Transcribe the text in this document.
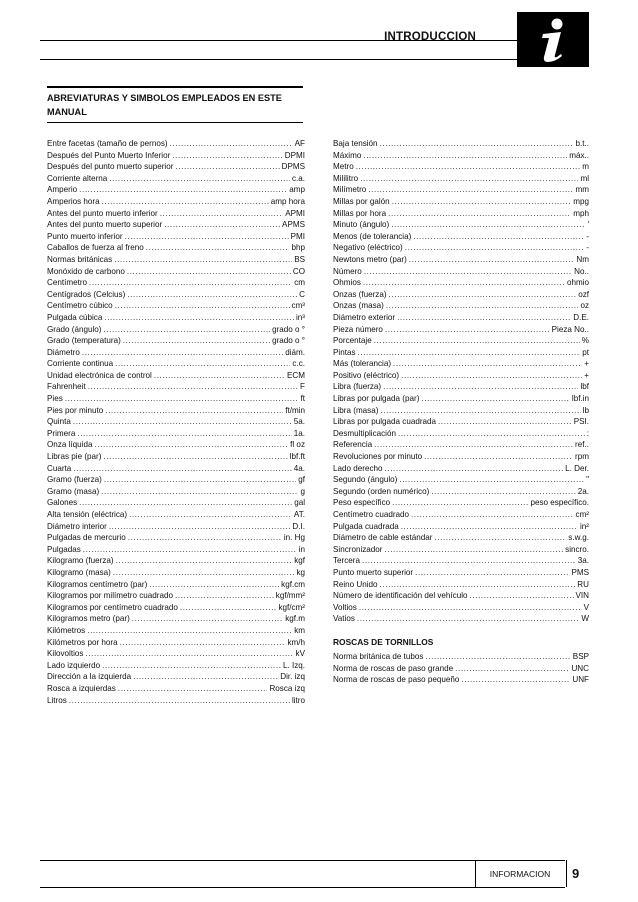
INTRODUCCION
ABREVIATURAS Y SIMBOLOS EMPLEADOS EN ESTE MANUAL
Entre facetas (tamaño de pernos) .....	AF
Después del Punto Muerto Inferior .....	DPMI
Después del punto muerto superior .....	DPMS
Corriente alterna .....	c.a.
Amperio .....	amp
Amperios hora .....	amp hora
Antes del punto muerto inferior .....	APMI
Antes del punto muerto superior .....	APMS
Punto muerto inferior .....	PMI
Caballos de fuerza al freno .....	bhp
Normas británicas .....	BS
Monóxido de carbono .....	CO
Centímetro .....	cm
Centígrados (Celcius) .....	C
Centímetro cúbico .....	cm³
Pulgada cúbica .....	in³
Grado (ángulo) .....	grado o °
Grado (temperatura) .....	grado o °
Diámetro .....	diám.
Corriente continua .....	c.c.
Unidad electrónica de control .....	ECM
Fahrenheit .....	F
Pies .....	ft
Pies por minuto .....	ft/min
Quinta .....	5a.
Primera .....	1a.
Onza líquida .....	fl oz
Libras pie (par) .....	lbf.ft
Cuarta .....	4a.
Gramo (fuerza) .....	gf
Gramo (masa) .....	g
Galones .....	gal
Alta tensión (eléctrica) .....	AT.
Diámetro interior .....	D.I.
Pulgadas de mercurio .....	in. Hg
Pulgadas .....	in
Kilogramo (fuerza) .....	kgf
Kilogramo (masa) .....	kg
Kilogramos centímetro (par) .....	kgf.cm
Kilogramos por milímetro cuadrado .....	kgf/mm²
Kilogramos por centímetro cuadrado .....	kgf/cm²
Kilogramos metro (par) .....	kgf.m
Kilómetros .....	km
Kilómetros por hora .....	km/h
Kilovoltios .....	kV
Lado izquierdo .....	L. Izq.
Dirección a la izquierda .....	Dir. izq
Rosca a izquierdas .....	Rosca izq
Litros .....	litro
Baja tensión .....	b.t..
Máximo .....	máx..
Metro .....	m
Mililitro .....	ml
Milímetro .....	mm
Millas por galón .....	mpg
Millas por hora .....	mph
Minuto (ángulo) .....	'
Menos (de tolerancia) .....	-
Negativo (eléctrico) .....	-
Newtons metro (par) .....	Nm
Número .....	No..
Ohmios .....	ohmio
Onzas (fuerza) .....	ozf
Onzas (masa) .....	oz
Diámetro exterior .....	D.E.
Pieza número .....	Pieza No..
Porcentaje .....	%
Pintas .....	pt
Más (tolerancia) .....	+
Positivo (eléctrico) .....	+
Libra (fuerza) .....	lbf
Libras por pulgada (par) .....	lbf.in
Libra (masa) .....	lb
Libras por pulgada cuadrada .....	PSI.
Desmultiplicación .....	:
Referencia .....	ref..
Revoluciones por minuto .....	rpm
Lado derecho .....	L. Der.
Segundo (ángulo) .....	"
Segundo (orden numérico) .....	2a.
Peso específico .....	peso específico.
Centímetro cuadrado .....	cm²
Pulgada cuadrada .....	in²
Diámetro de cable estándar .....	s.w.g.
Sincronizador .....	sincro.
Tercera .....	3a.
Punto muerto superior .....	PMS
Reino Unido .....	RU
Número de identificación del vehículo .....	VIN
Voltios .....	V
Vatios .....	W
ROSCAS DE TORNILLOS
Norma británica de tubos .....	BSP
Norma de roscas de paso grande .....	UNC
Norma de roscas de paso pequeño .....	UNF
INFORMACION	9
